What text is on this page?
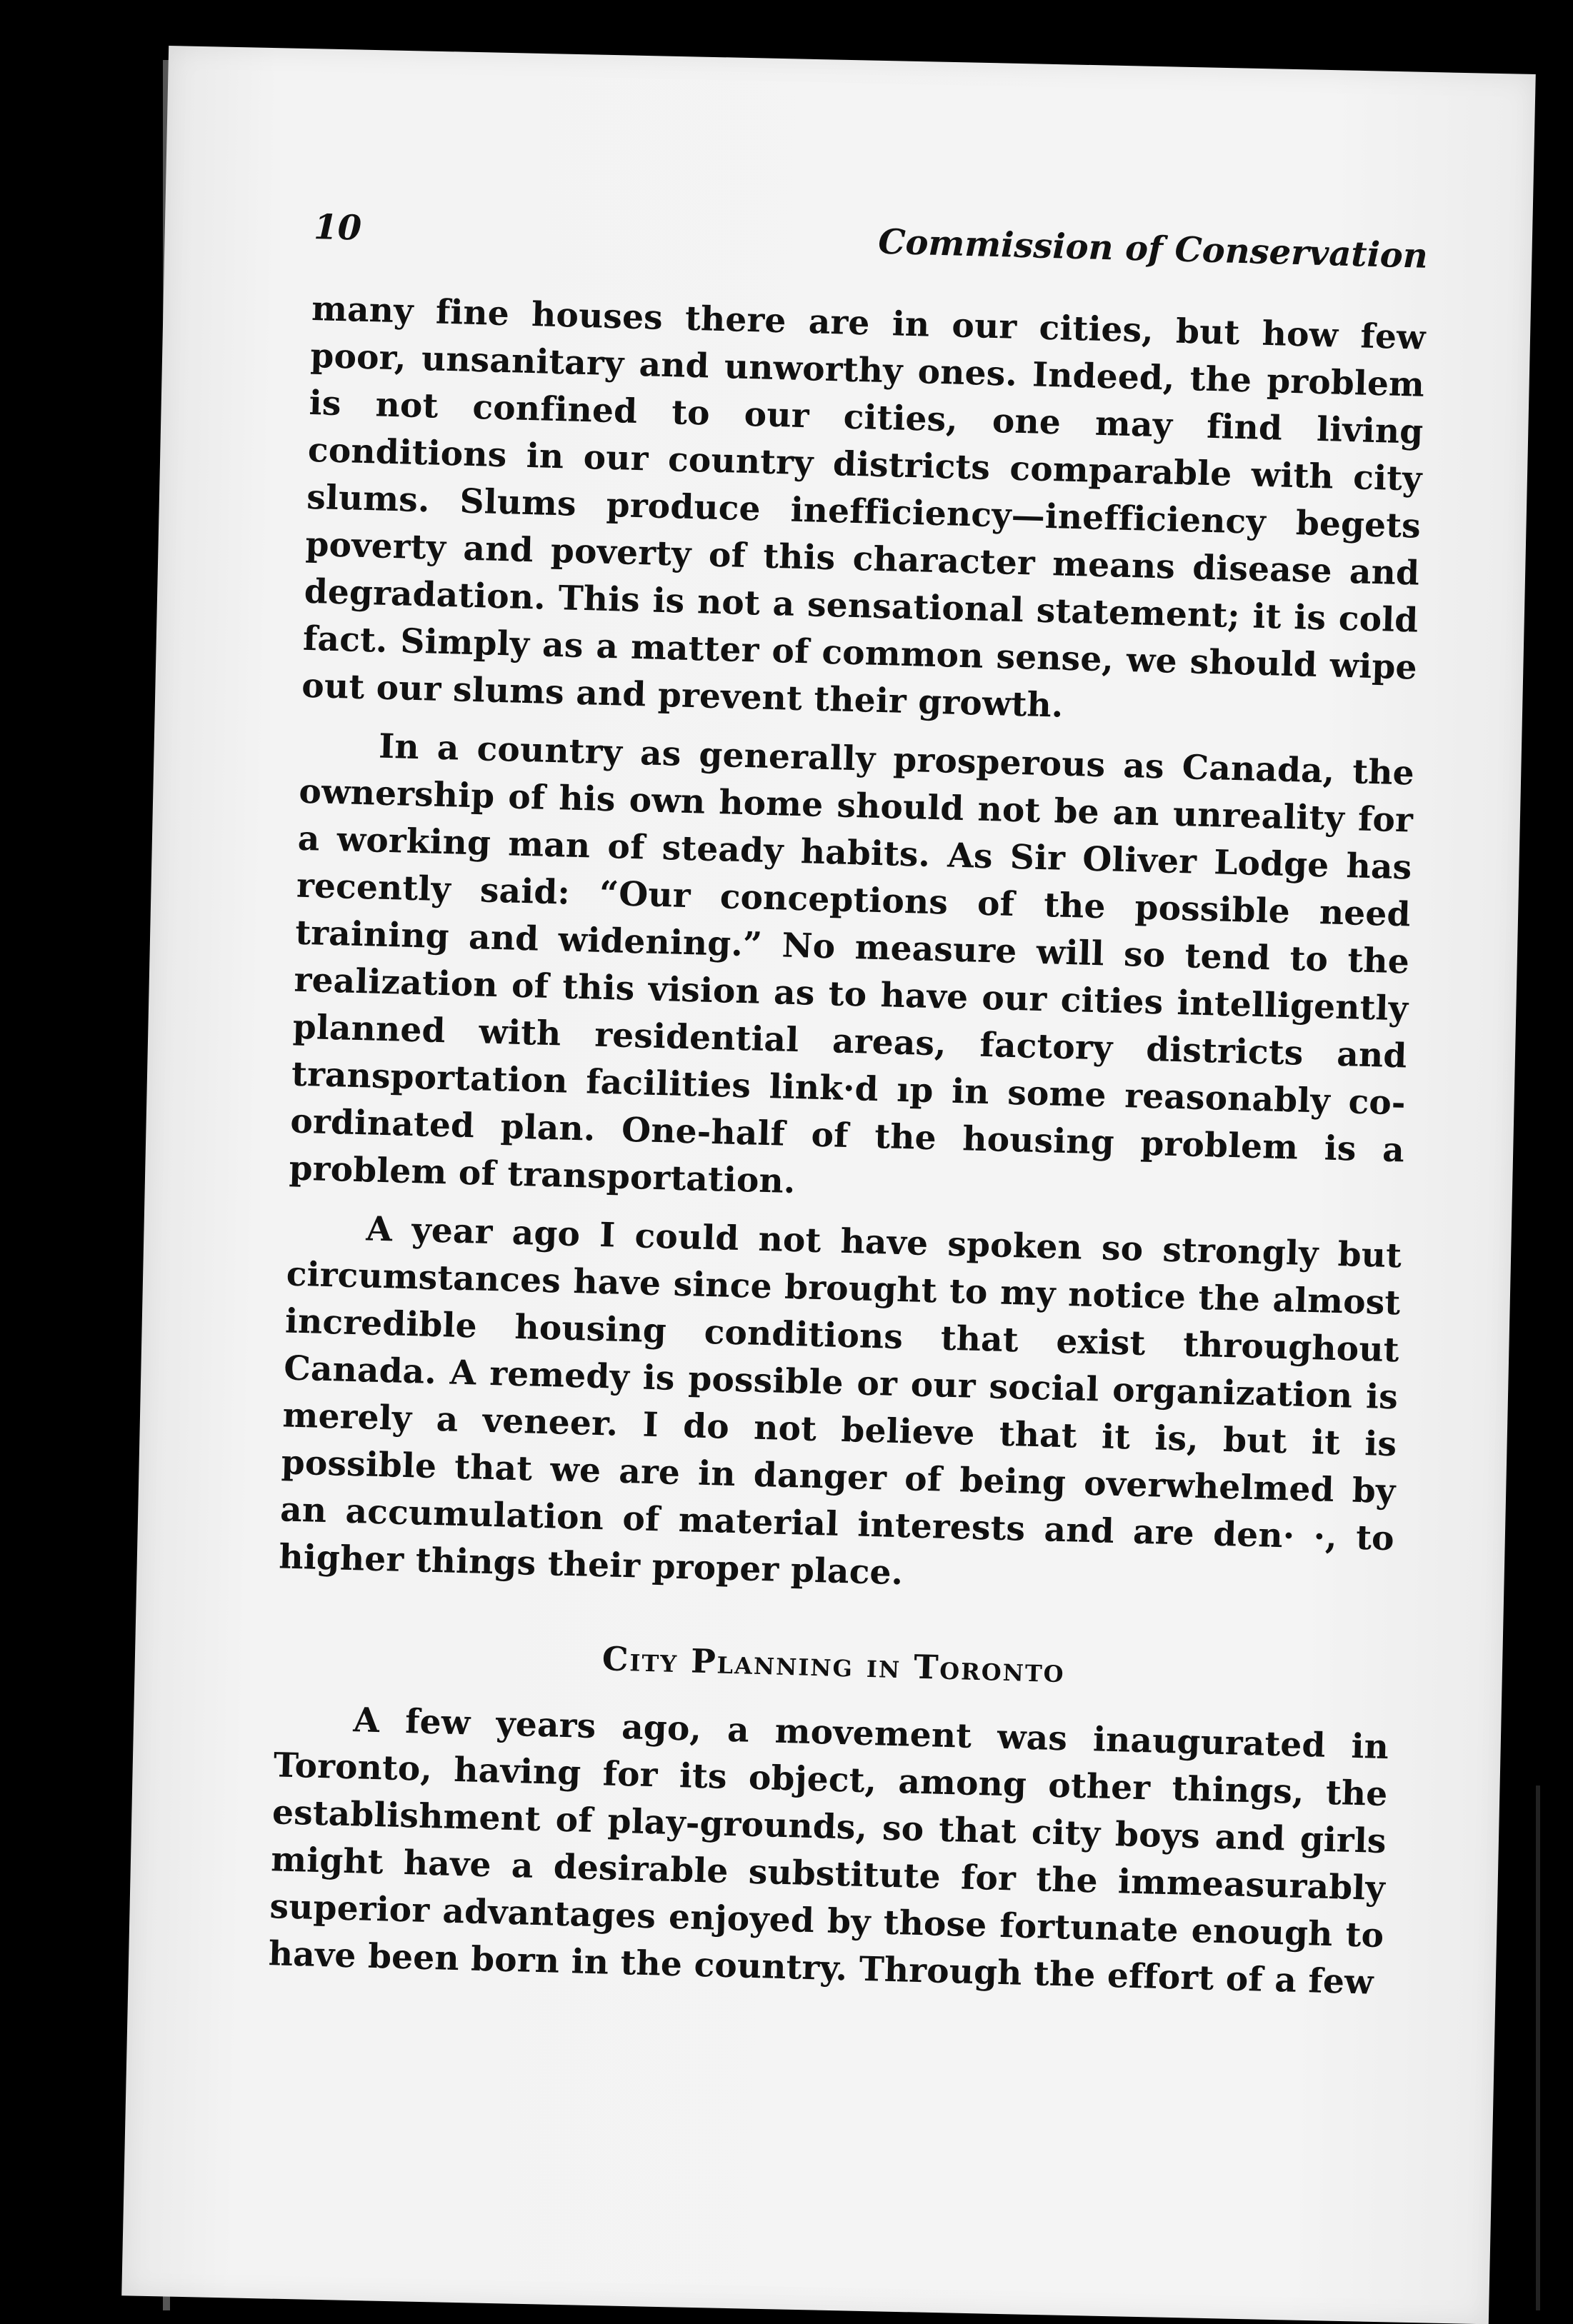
10	Commission of Conservation

many fine houses there are in our cities, but how few poor, unsanitary and unworthy ones. Indeed, the problem is not confined to our cities, one may find living conditions in our country districts comparable with city slums. Slums produce inefficiency—inefficiency begets poverty and poverty of this character means disease and degradation. This is not a sensational statement; it is cold fact. Simply as a matter of common sense, we should wipe out our slums and prevent their growth.

In a country as generally prosperous as Canada, the ownership of his own home should not be an unreality for a working man of steady habits. As Sir Oliver Lodge has recently said: “Our conceptions of the possible need training and widening.” No measure will so tend to the realization of this vision as to have our cities intelligently planned with residential areas, factory districts and transportation facilities link·d ıp in some reasonably co-ordinated plan. One-half of the housing problem is a problem of transportation.

A year ago I could not have spoken so strongly but circumstances have since brought to my notice the almost incredible housing conditions that exist throughout Canada. A remedy is possible or our social organization is merely a veneer. I do not believe that it is, but it is possible that we are in danger of being overwhelmed by an accumulation of material interests and are den· ·, to higher things their proper place.

City Planning in Toronto

A few years ago, a movement was inaugurated in Toronto, having for its object, among other things, the establishment of play-grounds, so that city boys and girls might have a desirable substitute for the immeasurably superior advantages enjoyed by those fortunate enough to have been born in the country. Through the effort of a few
